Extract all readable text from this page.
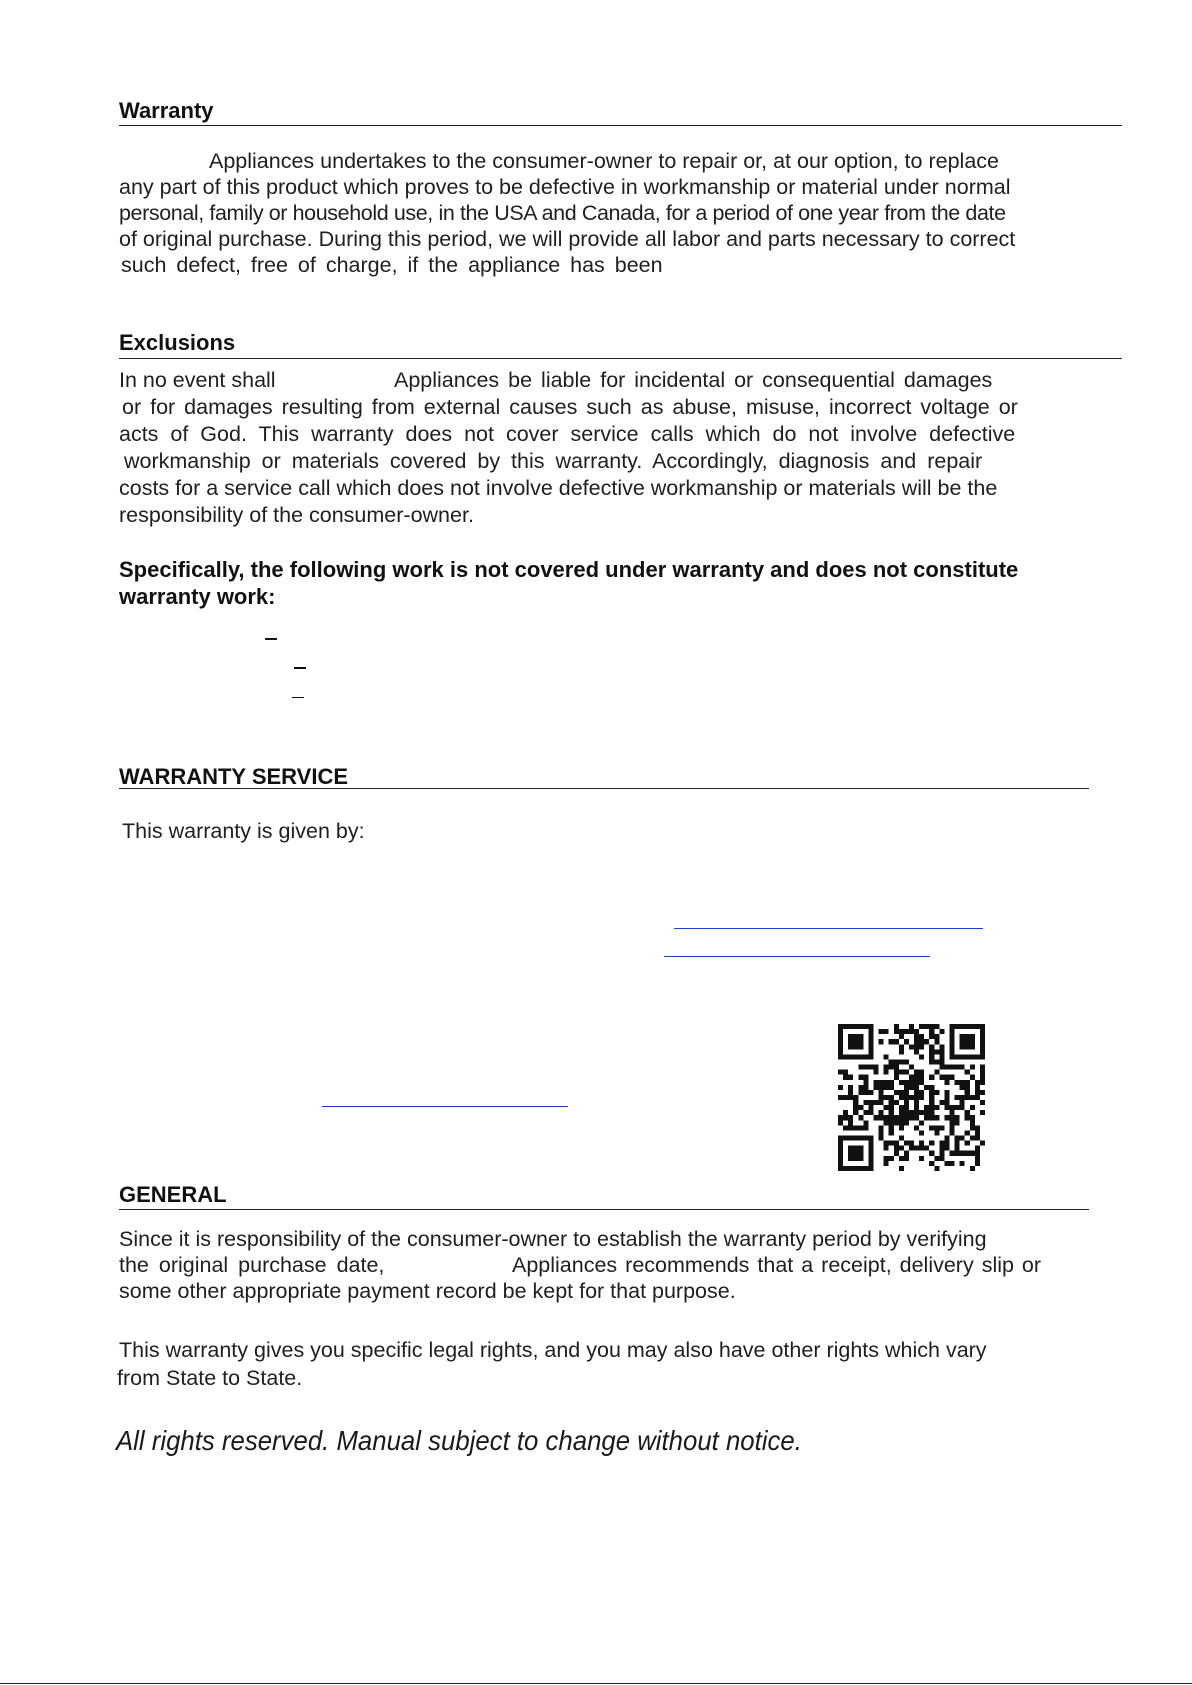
Warranty
Appliances undertakes to the consumer-owner to repair or, at our option, to replace
any part of this product which proves to be defective in workmanship or material under normal
personal, family or household use, in the USA and Canada, for a period of one year from the date
of original purchase. During this period, we will provide all labor and parts necessary to correct
such defect, free of charge, if the appliance has been
Exclusions
In no event shall	Appliances be liable for incidental or consequential damages
or for damages resulting from external causes such as abuse, misuse, incorrect voltage or
acts of God. This warranty does not cover service calls which do not involve defective
workmanship or materials covered by this warranty. Accordingly, diagnosis and repair
costs for a service call which does not involve defective workmanship or materials will be the
responsibility of the consumer-owner.
Specifically, the following work is not covered under warranty and does not constitute
warranty work:
WARRANTY SERVICE
This warranty is given by:
GENERAL
Since it is responsibility of the consumer-owner to establish the warranty period by verifying
the original purchase date,	Appliances recommends that a receipt, delivery slip or
some other appropriate payment record be kept for that purpose.
This warranty gives you specific legal rights, and you may also have other rights which vary
from State to State.
All rights reserved. Manual subject to change without notice.
